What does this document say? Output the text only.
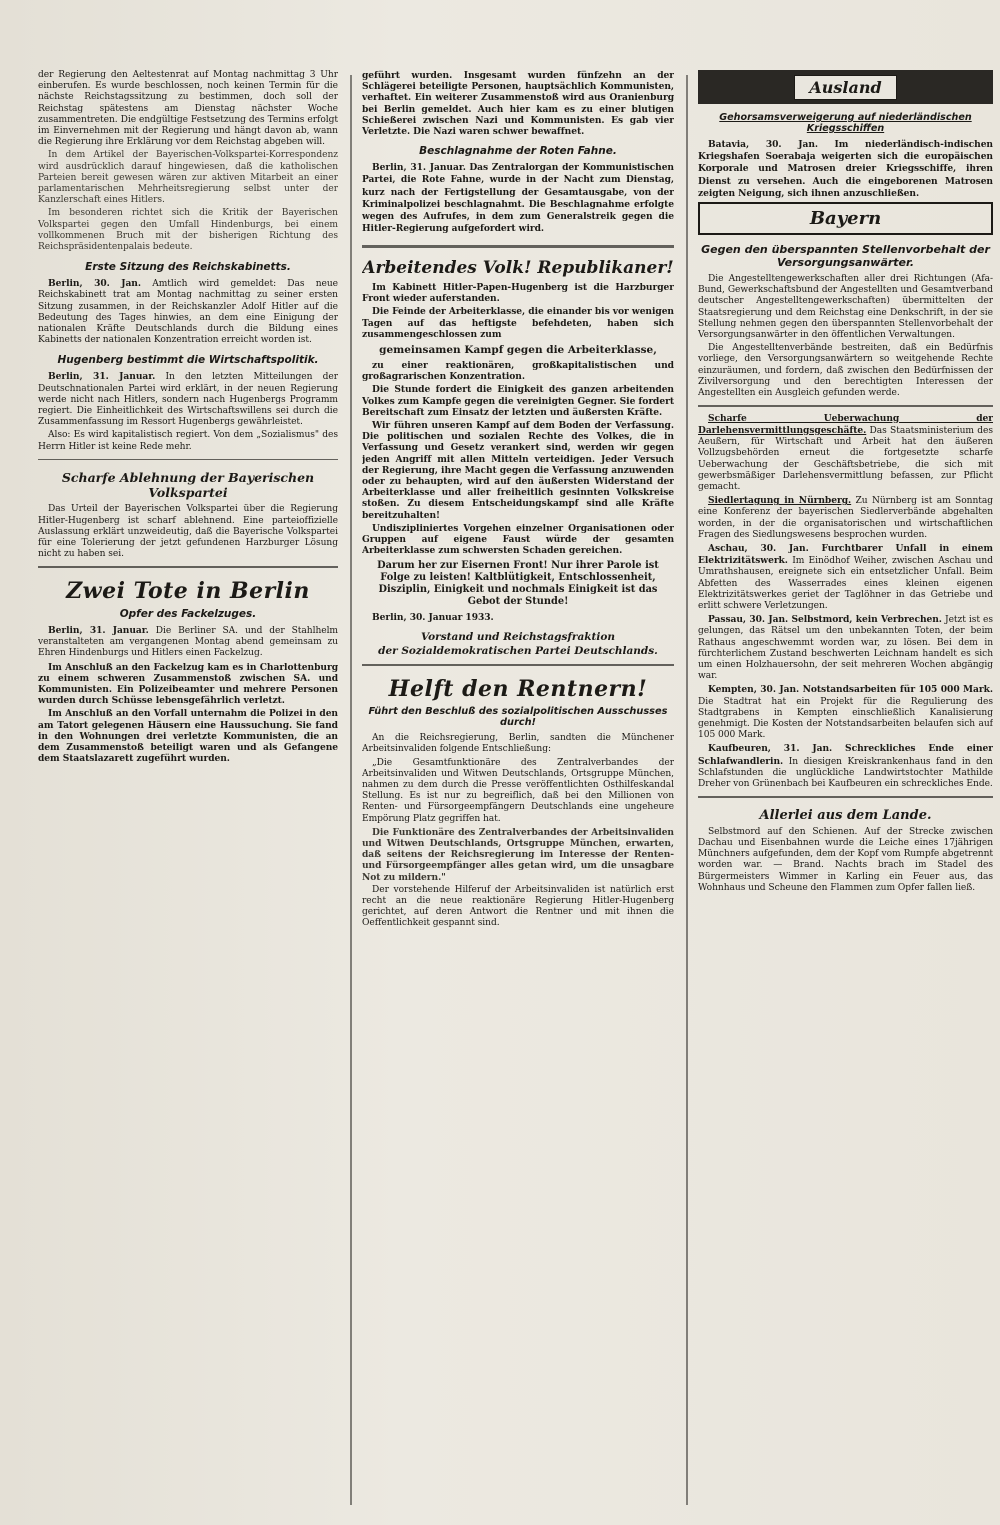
der Regierung den Aeltestenrat auf Montag nachmittag 3 Uhr einberufen. Es wurde beschlossen, noch keinen Termin für die nächste Reichstagssitzung zu bestimmen, doch soll der Reichstag spätestens am Dienstag nächster Woche zusammentreten. Die endgültige Festsetzung des Termins erfolgt im Einvernehmen mit der Regierung und hängt davon ab, wann die Regierung ihre Erklärung vor dem Reichstag abgeben will.

In dem Artikel der Bayerischen-Volkspartei-Korrespondenz wird ausdrücklich darauf hingewiesen, daß die katholischen Parteien bereit gewesen wären zur aktiven Mitarbeit an einer parlamentarischen Mehrheitsregierung selbst unter der Kanzlerschaft eines Hitlers.

Im besonderen richtet sich die Kritik der Bayerischen Volkspartei gegen den Umfall Hindenburgs, bei einem vollkommenen Bruch mit der bisherigen Richtung des Reichspräsidentenpalais bedeute.

Erste Sitzung des Reichskabinetts.

Berlin, 30. Jan. Amtlich wird gemeldet: Das neue Reichskabinett trat am Montag nachmittag zu seiner ersten Sitzung zusammen, in der Reichskanzler Adolf Hitler auf die Bedeutung des Tages hinwies, an dem eine Einigung der nationalen Kräfte Deutschlands durch die Bildung eines Kabinetts der nationalen Konzentration erreicht worden ist.

Hugenberg bestimmt die Wirtschaftspolitik.

Berlin, 31. Januar. In den letzten Mitteilungen der Deutschnationalen Partei wird erklärt, in der neuen Regierung werde nicht nach Hitlers, sondern nach Hugenbergs Programm regiert. Die Einheitlichkeit des Wirtschaftswillens sei durch die Zusammenfassung im Ressort Hugenbergs gewährleistet.

Also: Es wird kapitalistisch regiert. Von dem „Sozialismus" des Herrn Hitler ist keine Rede mehr.

Scharfe Ablehnung der Bayerischen Volkspartei

Das Urteil der Bayerischen Volkspartei über die Regierung Hitler-Hugenberg ist scharf ablehnend. Eine parteioffizielle Auslassung erklärt unzweideutig, daß die Bayerische Volkspartei für eine Tolerierung der jetzt gefundenen Harzburger Lösung nicht zu haben sei.

Zwei Tote in Berlin
Opfer des Fackelzuges.

Berlin, 31. Januar. Die Berliner SA. und der Stahlhelm veranstalteten am vergangenen Montag abend gemeinsam zu Ehren Hindenburgs und Hitlers einen Fackelzug.

Im Anschluß an den Fackelzug kam es in Charlottenburg zu einem schweren Zusammenstoß zwischen SA. und Kommunisten. Ein Polizeibeamter und mehrere Personen wurden durch Schüsse lebensgefährlich verletzt.

Im Anschluß an den Vorfall unternahm die Polizei in den am Tatort gelegenen Häusern eine Haussuchung. Sie fand in den Wohnungen drei verletzte Kommunisten, die an dem Zusammenstoß beteiligt waren und als Gefangene dem Staatslazarett zugeführt wurden.

geführt wurden. Insgesamt wurden fünfzehn an der Schlägerei beteiligte Personen, hauptsächlich Kommunisten, verhaftet. Ein weiterer Zusammenstoß wird aus Oranienburg bei Berlin gemeldet. Auch hier kam es zu einer blutigen Schießerei zwischen Nazi und Kommunisten. Es gab vier Verletzte. Die Nazi waren schwer bewaffnet.

Beschlagnahme der Roten Fahne.

Berlin, 31. Januar. Das Zentralorgan der Kommunistischen Partei, die Rote Fahne, wurde in der Nacht zum Dienstag, kurz nach der Fertigstellung der Gesamtausgabe, von der Kriminalpolizei beschlagnahmt. Die Beschlagnahme erfolgte wegen des Aufrufes, in dem zum Generalstreik gegen die Hitler-Regierung aufgefordert wird.

Arbeitendes Volk! Republikaner!

Im Kabinett Hitler-Papen-Hugenberg ist die Harzburger Front wieder auferstanden.

Die Feinde der Arbeiterklasse, die einander bis vor wenigen Tagen auf das heftigste befehdeten, haben sich zusammengeschlossen zum

gemeinsamen Kampf gegen die Arbeiterklasse,

zu einer reaktionären, großkapitalistischen und großagrarischen Konzentration.

Die Stunde fordert die Einigkeit des ganzen arbeitenden Volkes zum Kampfe gegen die vereinigten Gegner. Sie fordert Bereitschaft zum Einsatz der letzten und äußersten Kräfte.

Wir führen unseren Kampf auf dem Boden der Verfassung. Die politischen und sozialen Rechte des Volkes, die in Verfassung und Gesetz verankert sind, werden wir gegen jeden Angriff mit allen Mitteln verteidigen. Jeder Versuch der Regierung, ihre Macht gegen die Verfassung anzuwenden oder zu behaupten, wird auf den äußersten Widerstand der Arbeiterklasse und aller freiheitlich gesinnten Volkskreise stoßen. Zu diesem Entscheidungskampf sind alle Kräfte bereitzuhalten!

Undiszipliniertes Vorgehen einzelner Organisationen oder Gruppen auf eigene Faust würde der gesamten Arbeiterklasse zum schwersten Schaden gereichen.

Darum her zur Eisernen Front! Nur ihrer Parole ist Folge zu leisten! Kaltblütigkeit, Entschlossenheit, Disziplin, Einigkeit und nochmals Einigkeit ist das Gebot der Stunde!

Berlin, 30. Januar 1933.

Vorstand und Reichstagsfraktion
der Sozialdemokratischen Partei Deutschlands.
Helft den Rentnern!
Führt den Beschluß des sozialpolitischen Ausschusses durch!

An die Reichsregierung, Berlin, sandten die Münchener Arbeitsinvaliden folgende Entschließung:

„Die Gesamtfunktionäre des Zentralverbandes der Arbeitsinvaliden und Witwen Deutschlands, Ortsgruppe München, nahmen zu dem durch die Presse veröffentlichten Osthilfeskandal Stellung. Es ist nur zu begreiflich, daß bei den Millionen von Renten- und Fürsorgeempfängern Deutschlands eine ungeheure Empörung Platz gegriffen hat.

Die Funktionäre des Zentralverbandes der Arbeitsinvaliden und Witwen Deutschlands, Ortsgruppe München, erwarten, daß seitens der Reichsregierung im Interesse der Renten- und Fürsorgeempfänger alles getan wird, um die unsagbare Not zu mildern."

Der vorstehende Hilferuf der Arbeitsinvaliden ist natürlich erst recht an die neue reaktionäre Regierung Hitler-Hugenberg gerichtet, auf deren Antwort die Rentner und mit ihnen die Oeffentlichkeit gespannt sind.

Ausland
Gehorsamsverweigerung auf niederländischen Kriegsschiffen

Batavia, 30. Jan. Im niederländisch-indischen Kriegshafen Soerabaja weigerten sich die europäischen Korporale und Matrosen dreier Kriegsschiffe, ihren Dienst zu versehen. Auch die eingeborenen Matrosen zeigten Neigung, sich ihnen anzuschließen.

Bayern
Gegen den überspannten Stellenvorbehalt der Versorgungsanwärter.

Die Angestelltengewerkschaften aller drei Richtungen (Afa-Bund, Gewerkschaftsbund der Angestellten und Gesamtverband deutscher Angestelltengewerkschaften) übermittelten der Staatsregierung und dem Reichstag eine Denkschrift, in der sie Stellung nehmen gegen den überspannten Stellenvorbehalt der Versorgungsanwärter in den öffentlichen Verwaltungen.

Die Angestelltenverbände bestreiten, daß ein Bedürfnis vorliege, den Versorgungsanwärtern so weitgehende Rechte einzuräumen, und fordern, daß zwischen den Bedürfnissen der Zivilversorgung und den berechtigten Interessen der Angestellten ein Ausgleich gefunden werde.

Scharfe Ueberwachung der Darlehensvermittlungsgeschäfte. Das Staatsministerium des Aeußern, für Wirtschaft und Arbeit hat den äußeren Vollzugsbehörden erneut die fortgesetzte scharfe Ueberwachung der Geschäftsbetriebe, die sich mit gewerbsmäßiger Darlehensvermittlung befassen, zur Pflicht gemacht.

Siedlertagung in Nürnberg. Zu Nürnberg ist am Sonntag eine Konferenz der bayerischen Siedlerverbände abgehalten worden, in der die organisatorischen und wirtschaftlichen Fragen des Siedlungswesens besprochen wurden.

Aschau, 30. Jan. Furchtbarer Unfall in einem Elektrizitätswerk. Im Einödhof Weiher, zwischen Aschau und Umrathshausen, ereignete sich ein entsetzlicher Unfall. Beim Abfetten des Wasserrades eines kleinen eigenen Elektrizitätswerkes geriet der Taglöhner in das Getriebe und erlitt schwere Verletzungen.

Passau, 30. Jan. Selbstmord, kein Verbrechen. Jetzt ist es gelungen, das Rätsel um den unbekannten Toten, der beim Rathaus angeschwemmt worden war, zu lösen. Bei dem in fürchterlichem Zustand beschwerten Leichnam handelt es sich um einen Holzhauersohn, der seit mehreren Wochen abgängig war.

Kempten, 30. Jan. Notstandsarbeiten für 105 000 Mark. Die Stadtrat hat ein Projekt für die Regulierung des Stadtgrabens in Kempten einschließlich Kanalisierung genehmigt. Die Kosten der Notstandsarbeiten belaufen sich auf 105 000 Mark.

Kaufbeuren, 31. Jan. Schreckliches Ende einer Schlafwandlerin. In diesigen Kreiskrankenhaus fand in den Schlafstunden die unglückliche Landwirtstochter Mathilde Dreher von Grünenbach bei Kaufbeuren ein schreckliches Ende.

Allerlei aus dem Lande.

Selbstmord auf den Schienen. Auf der Strecke zwischen Dachau und Eisenbahnen wurde die Leiche eines 17jährigen Münchners aufgefunden, dem der Kopf vom Rumpfe abgetrennt worden war. — Brand. Nachts brach im Stadel des Bürgermeisters Wimmer in Karling ein Feuer aus, das Wohnhaus und Scheune den Flammen zum Opfer fallen ließ.
